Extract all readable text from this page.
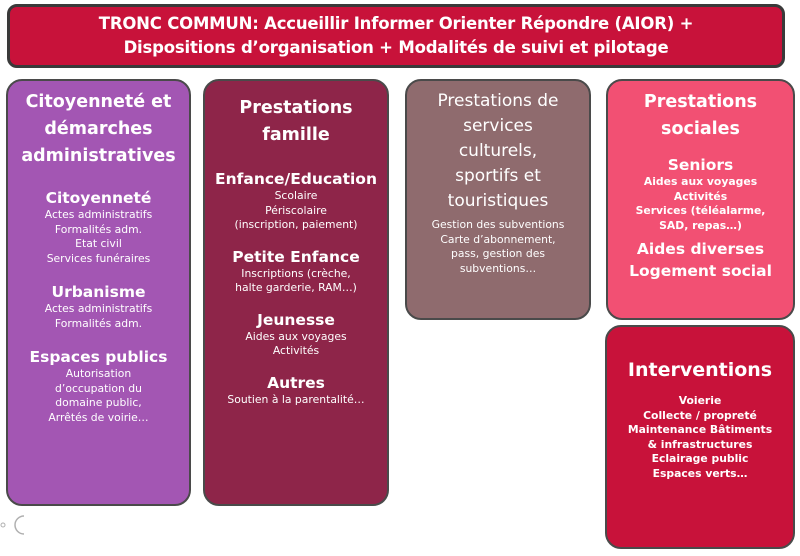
TRONC COMMUN: Accueillir Informer Orienter Répondre (AIOR) +
Dispositions d’organisation + Modalités de suivi et pilotage
Citoyenneté et
démarches
administratives
Citoyenneté
Actes administratifs
Formalités adm.
Etat civil
Services funéraires
Urbanisme
Actes administratifs
Formalités adm.
Espaces publics
Autorisation
d’occupation du
domaine public,
Arrêtés de voirie…
Prestations
famille
Enfance/Education
Scolaire
Périscolaire
(inscription, paiement)
Petite Enfance
Inscriptions (crèche,
halte garderie, RAM…)
Jeunesse
Aides aux voyages
Activités
Autres
Soutien à la parentalité…
Prestations de
services
culturels,
sportifs et
touristiques
Gestion des subventions
Carte d’abonnement,
pass, gestion des
subventions…
Prestations
sociales
Seniors
Aides aux voyages
Activités
Services (téléalarme,
SAD, repas…)
Aides diverses
Logement social
Interventions
Voierie
Collecte / propreté
Maintenance Bâtiments
& infrastructures
Eclairage public
Espaces verts…
